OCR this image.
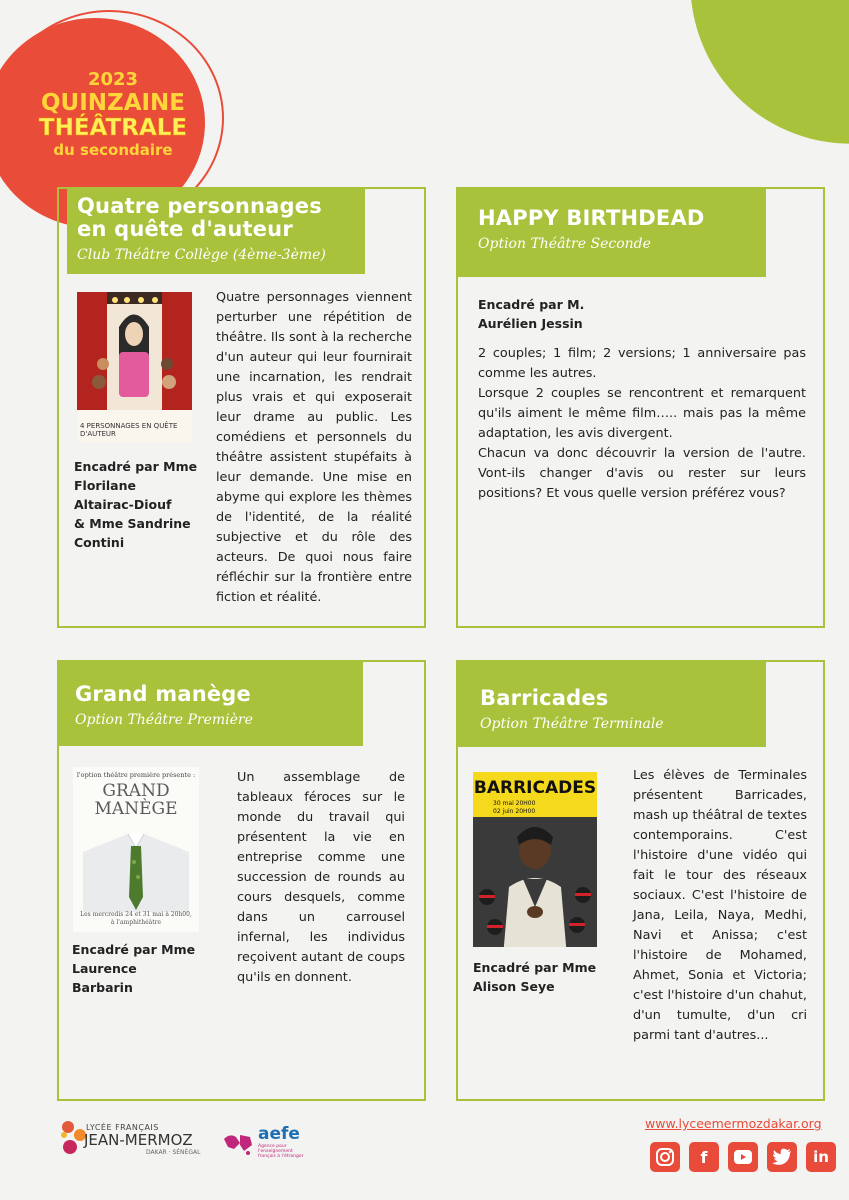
2023
QUINZAINE
THÉÂTRALE
du secondaire
Quatre personnages
en quête d'auteur
Club Théâtre Collège (4ème-3ème)
4 PERSONNAGES EN QUÊTE D'AUTEUR
Encadré par Mme
Florilane
Altairac-Diouf
& Mme Sandrine
Contini
Quatre personnages viennent perturber une répétition de théâtre. Ils sont à la recherche d'un auteur qui leur fournirait une incarnation, les rendrait plus vrais et qui exposerait leur drame au public. Les comédiens et personnels du théâtre assistent stupéfaits à leur demande. Une mise en abyme qui explore les thèmes de l'identité, de la réalité subjective et du rôle des acteurs. De quoi nous faire réfléchir sur la frontière entre fiction et réalité.
HAPPY BIRTHDEAD
Option Théâtre Seconde
Encadré par M.
Aurélien Jessin
2 couples; 1 film; 2 versions; 1 anniversaire pas comme les autres.
Lorsque 2 couples se rencontrent et remarquent qu'ils aiment le même film….. mais pas la même adaptation, les avis divergent.
Chacun va donc découvrir la version de l'autre. Vont-ils changer d'avis ou rester sur leurs positions? Et vous quelle version préférez vous?
Grand manège
Option Théâtre Première
l'option théâtre première présente :
GRAND
MANÈGE
Les mercredis 24 et 31 mai à 20h00,
à l'amphithéâtre
Encadré par Mme
Laurence
Barbarin
Un assemblage de tableaux féroces sur le monde du travail qui présentent la vie en entreprise comme une succession de rounds au cours desquels, comme dans un carrousel infernal, les individus reçoivent autant de coups qu'ils en donnent.
Barricades
Option Théâtre Terminale
BARRICADES
30 mai 20H00
02 juin 20H00
Encadré par Mme
Alison Seye
Les élèves de Terminales présentent Barricades, mash up théâtral de textes contemporains. C'est l'histoire d'une vidéo qui fait le tour des réseaux sociaux. C'est l'histoire de Jana, Leila, Naya, Medhi, Navi et Anissa; c'est l'histoire de Mohamed, Ahmet, Sonia et Victoria; c'est l'histoire d'un chahut, d'un tumulte, d'un cri parmi tant d'autres...
LYCÉE FRANÇAIS
JEAN-MERMOZ
DAKAR · SÉNÉGAL
aefe
Agence pour l'enseignement français à l'étranger
www.lyceemermozdakar.org
f	in
